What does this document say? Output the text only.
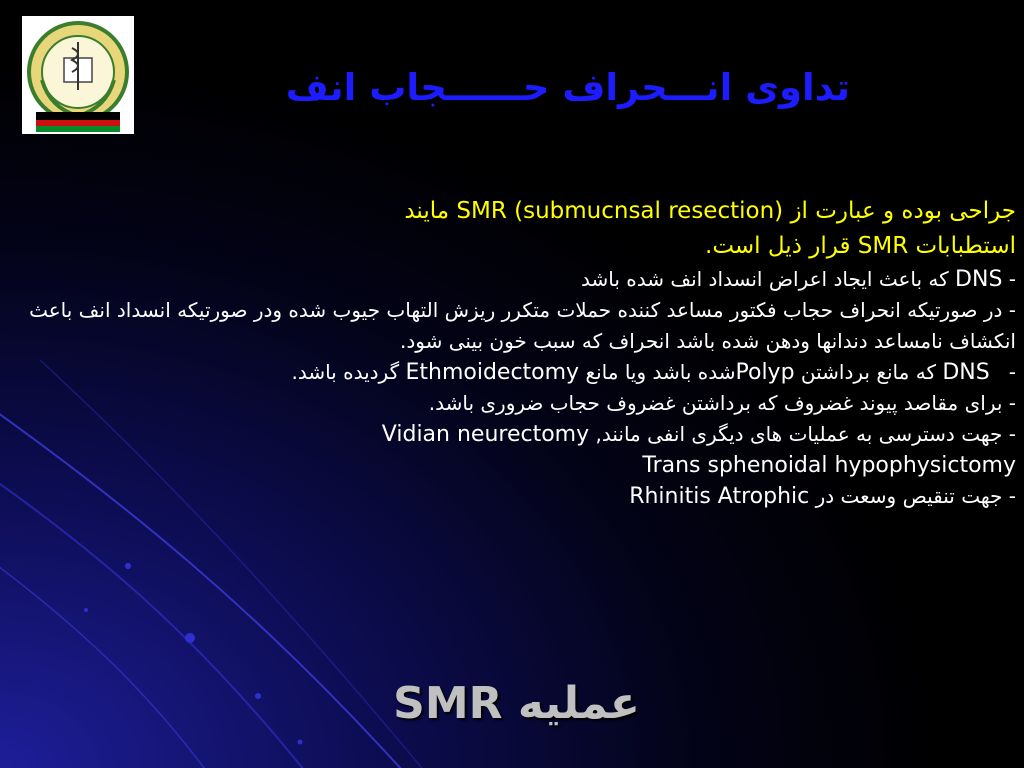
تداوی انـــحراف حــــــجاب انف

جراحی بوده و عبارت از SMR (submucnsal resection) مایند

استطبابات SMR قرار ذیل است.

- DNS که باعث ایجاد اعراض انسداد انف شده باشد

- در صورتیکه انحراف حجاب فکتور مساعد کننده حملات متکرر ریزش التهاب جیوب شده ودر صورتیکه انسداد انف باعث انکشاف نامساعد دندانها ودهن شده باشد انحراف که سبب خون بینی شود.

-   DNS که مانع برداشتن Polypشده باشد ویا مانع Ethmoidectomy گردیده باشد.

- برای مقاصد پیوند غضروف که برداشتن غضروف حجاب ضروری باشد.

- جهت دسترسی به عملیات های دیگری انفی مانند, Vidian neurectomy

Trans sphenoidal hypophysictomy

- جهت تنقیص وسعت در Rhinitis Atrophic

عملیه SMR
